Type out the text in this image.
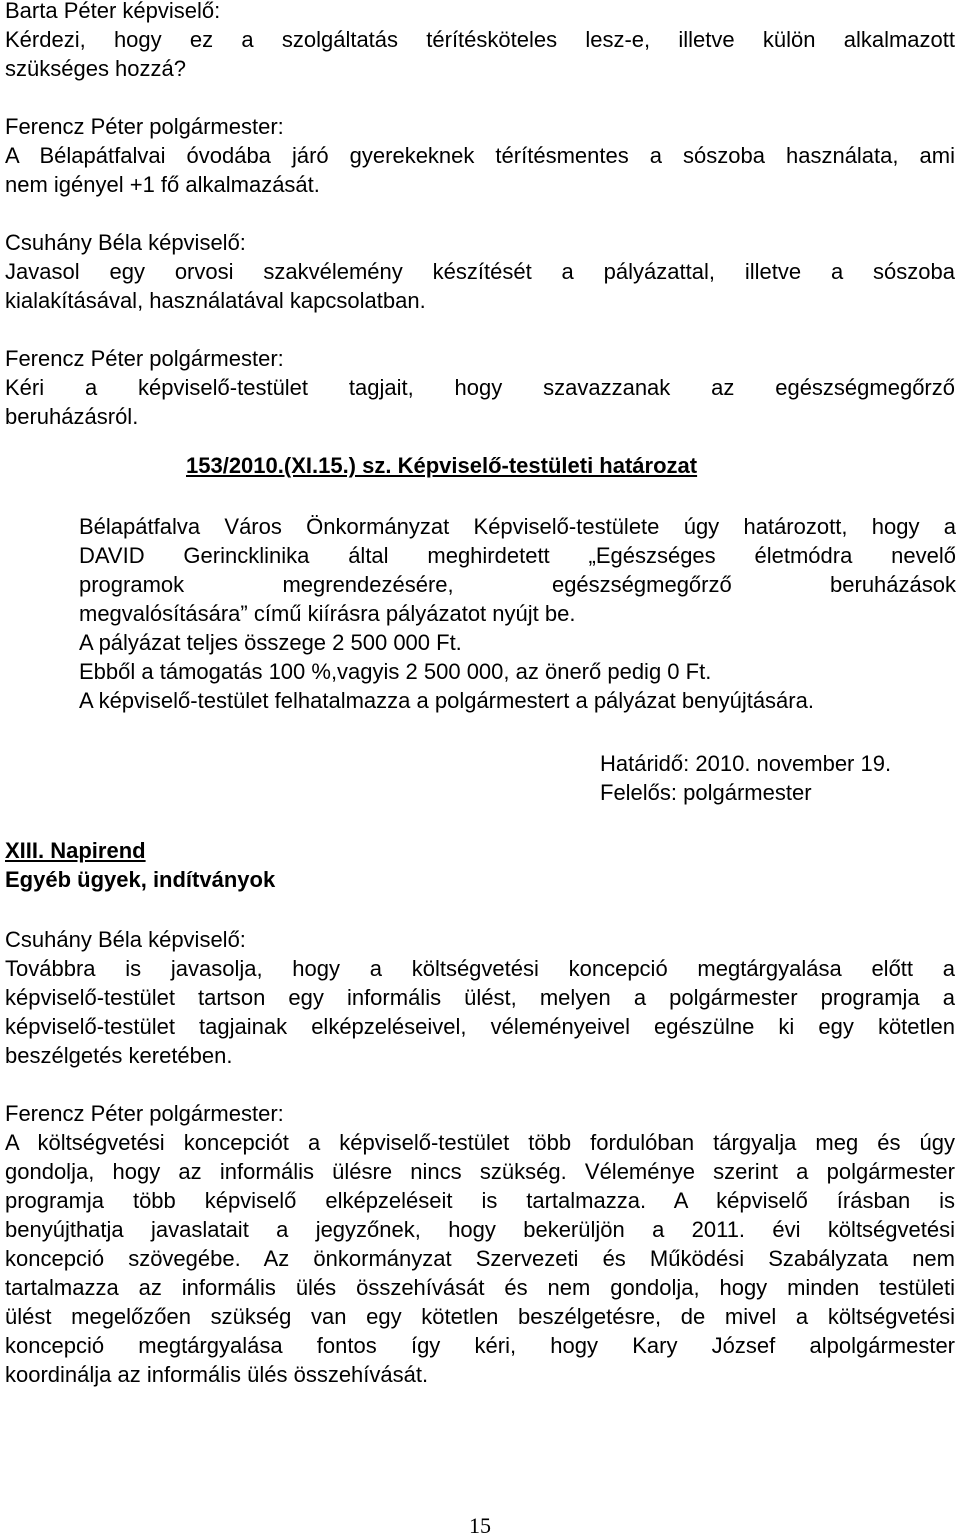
Barta Péter képviselő:

Kérdezi, hogy ez a szolgáltatás térítésköteles lesz-e, illetve külön alkalmazott

szükséges hozzá?

Ferencz Péter polgármester:

A Bélapátfalvai óvodába járó gyerekeknek térítésmentes a sószoba használata, ami

nem igényel +1 fő alkalmazását.

Csuhány Béla képviselő:

Javasol egy orvosi szakvélemény készítését a pályázattal, illetve a sószoba

kialakításával, használatával kapcsolatban.

Ferencz Péter polgármester:

Kéri a képviselő-testület tagjait, hogy szavazzanak az egészségmegőrző

beruházásról.

153/2010.(XI.15.) sz. Képviselő-testületi határozat

Bélapátfalva Város Önkormányzat Képviselő-testülete úgy határozott, hogy a

DAVID Gerincklinika által meghirdetett „Egészséges életmódra nevelő

programok megrendezésére, egészségmegőrző beruházások

megvalósítására” című kiírásra pályázatot nyújt be.

A pályázat teljes összege 2 500 000 Ft.

Ebből a támogatás 100 %,vagyis 2 500 000, az önerő pedig 0 Ft.

A képviselő-testület felhatalmazza a polgármestert a pályázat benyújtására.

Határidő: 2010. november 19.

Felelős: polgármester

XIII. Napirend

Egyéb ügyek, indítványok

Csuhány Béla képviselő:

Továbbra is javasolja, hogy a költségvetési koncepció megtárgyalása előtt a

képviselő-testület tartson egy informális ülést, melyen a polgármester programja a

képviselő-testület tagjainak elképzeléseivel, véleményeivel egészülne ki egy kötetlen

beszélgetés keretében.

Ferencz Péter polgármester:

A költségvetési koncepciót a képviselő-testület több fordulóban tárgyalja meg és úgy

gondolja, hogy az informális ülésre nincs szükség. Véleménye szerint a polgármester

programja több képviselő elképzeléseit is tartalmazza. A képviselő írásban is

benyújthatja javaslatait a jegyzőnek, hogy bekerüljön a 2011. évi költségvetési

koncepció szövegébe. Az önkormányzat Szervezeti és Működési Szabályzata nem

tartalmazza az informális ülés összehívását és nem gondolja, hogy minden testületi

ülést megelőzően szükség van egy kötetlen beszélgetésre, de mivel a költségvetési

koncepció megtárgyalása fontos így kéri, hogy Kary József alpolgármester

koordinálja az informális ülés összehívását.

15
